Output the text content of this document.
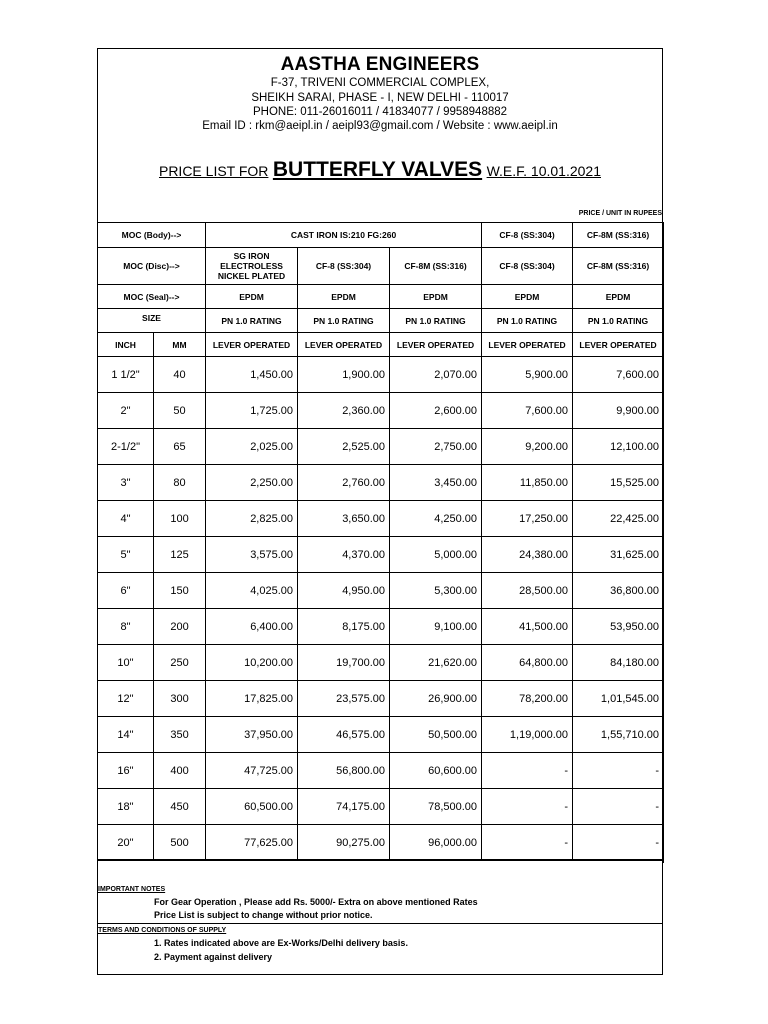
AASTHA ENGINEERS
F-37, TRIVENI COMMERCIAL COMPLEX,
SHEIKH SARAI, PHASE - I, NEW DELHI - 110017
PHONE: 011-26016011 / 41834077 / 9958948882
Email ID : rkm@aeipl.in / aeipl93@gmail.com / Website : www.aeipl.in
PRICE LIST FOR BUTTERFLY VALVES W.E.F. 10.01.2021
PRICE / UNIT IN RUPEES
MOC (Body)-->		CAST IRON IS:210 FG:260			CF-8 (SS:304)	CF-8M (SS:316)
MOC (Disc)-->		SG IRON ELECTROLESS NICKEL PLATED	CF-8 (SS:304)	CF-8M (SS:316)	CF-8 (SS:304)	CF-8M (SS:316)
MOC (Seal)-->		EPDM	EPDM	EPDM	EPDM	EPDM
SIZE		PN 1.0 RATING	PN 1.0 RATING	PN 1.0 RATING	PN 1.0 RATING	PN 1.0 RATING
INCH	MM	LEVER OPERATED	LEVER OPERATED	LEVER OPERATED	LEVER OPERATED	LEVER OPERATED
1 1/2"	40	1,450.00	1,900.00	2,070.00	5,900.00	7,600.00
2"	50	1,725.00	2,360.00	2,600.00	7,600.00	9,900.00
2-1/2"	65	2,025.00	2,525.00	2,750.00	9,200.00	12,100.00
3"	80	2,250.00	2,760.00	3,450.00	11,850.00	15,525.00
4"	100	2,825.00	3,650.00	4,250.00	17,250.00	22,425.00
5"	125	3,575.00	4,370.00	5,000.00	24,380.00	31,625.00
6"	150	4,025.00	4,950.00	5,300.00	28,500.00	36,800.00
8"	200	6,400.00	8,175.00	9,100.00	41,500.00	53,950.00
10"	250	10,200.00	19,700.00	21,620.00	64,800.00	84,180.00
12"	300	17,825.00	23,575.00	26,900.00	78,200.00	1,01,545.00
14"	350	37,950.00	46,575.00	50,500.00	1,19,000.00	1,55,710.00
16"	400	47,725.00	56,800.00	60,600.00	-	-
18"	450	60,500.00	74,175.00	78,500.00	-	-
20"	500	77,625.00	90,275.00	96,000.00	-	-

IMPORTANT NOTES
For Gear Operation , Please add Rs. 5000/- Extra on above mentioned Rates
Price List is subject to change without prior notice.
TERMS AND CONDITIONS OF SUPPLY
1. Rates indicated above are Ex-Works/Delhi delivery basis.
2. Payment against delivery
